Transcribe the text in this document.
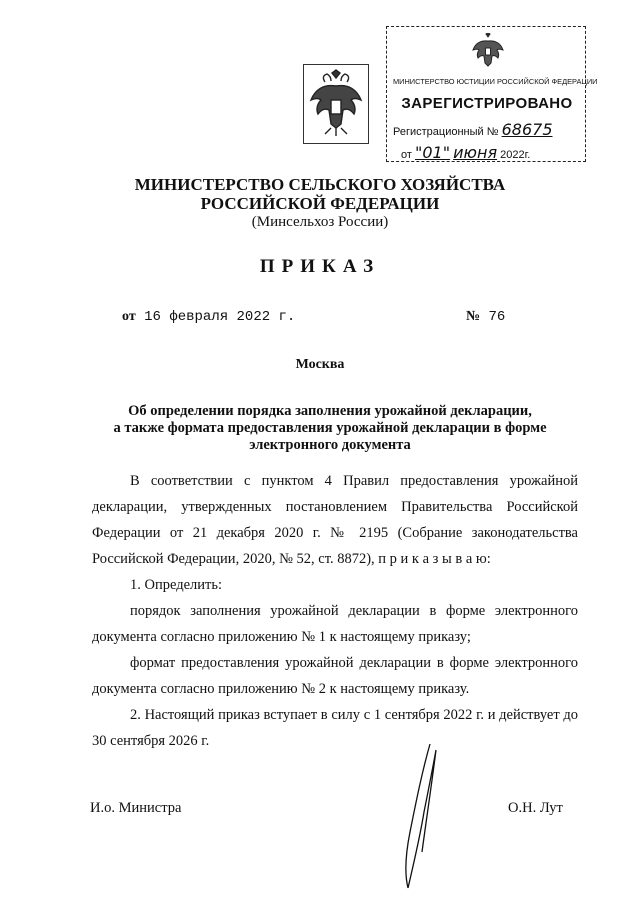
МИНИСТЕРСТВО ЮСТИЦИИ РОССИЙСКОЙ ФЕДЕРАЦИИ
ЗАРЕГИСТРИРОВАНО
Регистрационный № 68675
от "01" июня 2022г.
МИНИСТЕРСТВО СЕЛЬСКОГО ХОЗЯЙСТВА
РОССИЙСКОЙ ФЕДЕРАЦИИ
(Минсельхоз России)
ПРИКАЗ
от 16 февраля 2022 г.	№ 76
Москва
Об определении порядка заполнения урожайной декларации,
а также формата предоставления урожайной декларации в форме
электронного документа

В соответствии с пунктом 4 Правил предоставления урожайной декларации, утвержденных постановлением Правительства Российской Федерации от 21 декабря 2020 г. № 2195 (Собрание законодательства Российской Федерации, 2020, № 52, ст. 8872), п р и к а з ы в а ю:

1. Определить:

порядок заполнения урожайной декларации в форме электронного документа согласно приложению № 1 к настоящему приказу;

формат предоставления урожайной декларации в форме электронного документа согласно приложению № 2 к настоящему приказу.

2. Настоящий приказ вступает в силу с 1 сентября 2022 г. и действует до 30 сентября 2026 г.

И.о. Министра	О.Н. Лут
